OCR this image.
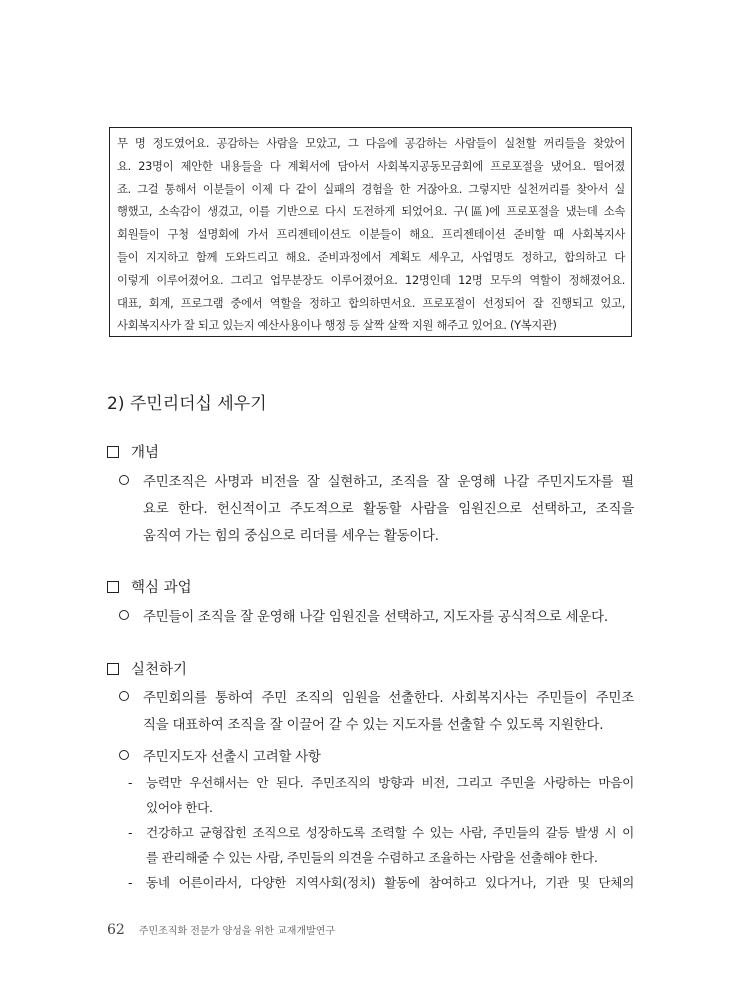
무 명 정도였어요. 공감하는 사람을 모았고, 그 다음에 공감하는 사람들이 실천할 꺼리들을 찾았어
요. 23명이 제안한 내용들을 다 계획서에 담아서 사회복지공동모금회에 프로포절을 냈어요. 떨어졌
죠. 그걸 통해서 이분들이 이제 다 같이 실패의 경험을 한 거잖아요. 그렇지만 실천꺼리를 찾아서 실
행했고, 소속감이 생겼고, 이를 기반으로 다시 도전하게 되었어요. 구(區)에 프로포절을 냈는데 소속
회원들이 구청 설명회에 가서 프리젠테이션도 이분들이 해요. 프리젠테이션 준비할 때 사회복지사
들이 지지하고 함께 도와드리고 해요. 준비과정에서 계획도 세우고, 사업명도 정하고, 합의하고 다
이렇게 이루어졌어요. 그리고 업무분장도 이루어졌어요. 12명인데 12명 모두의 역할이 정해졌어요.
대표, 회계, 프로그램 중에서 역할을 정하고 합의하면서요. 프로포절이 선정되어 잘 진행되고 있고,
사회복지사가 잘 되고 있는지 예산사용이나 행정 등 살짝 살짝 지원 해주고 있어요. (Y복지관)
2) 주민리더십 세우기
개념
주민조직은 사명과 비전을 잘 실현하고, 조직을 잘 운영해 나갈 주민지도자를 필
요로 한다. 헌신적이고 주도적으로 활동할 사람을 임원진으로 선택하고, 조직을
움직여 가는 힘의 중심으로 리더를 세우는 활동이다.
핵심 과업
주민들이 조직을 잘 운영해 나갈 임원진을 선택하고, 지도자를 공식적으로 세운다.
실천하기
주민회의를 통하여 주민 조직의 임원을 선출한다. 사회복지사는 주민들이 주민조
직을 대표하여 조직을 잘 이끌어 갈 수 있는 지도자를 선출할 수 있도록 지원한다.
주민지도자 선출시 고려할 사항
- 능력만 우선해서는 안 된다. 주민조직의 방향과 비전, 그리고 주민을 사랑하는 마음이
있어야 한다.
- 건강하고 균형잡힌 조직으로 성장하도록 조력할 수 있는 사람, 주민들의 갈등 발생 시 이
를 관리해줄 수 있는 사람, 주민들의 의견을 수렴하고 조율하는 사람을 선출해야 한다.
- 동네 어른이라서, 다양한 지역사회(정치) 활동에 참여하고 있다거나, 기관 및 단체의
62 주민조직화 전문가 양성을 위한 교재개발연구
